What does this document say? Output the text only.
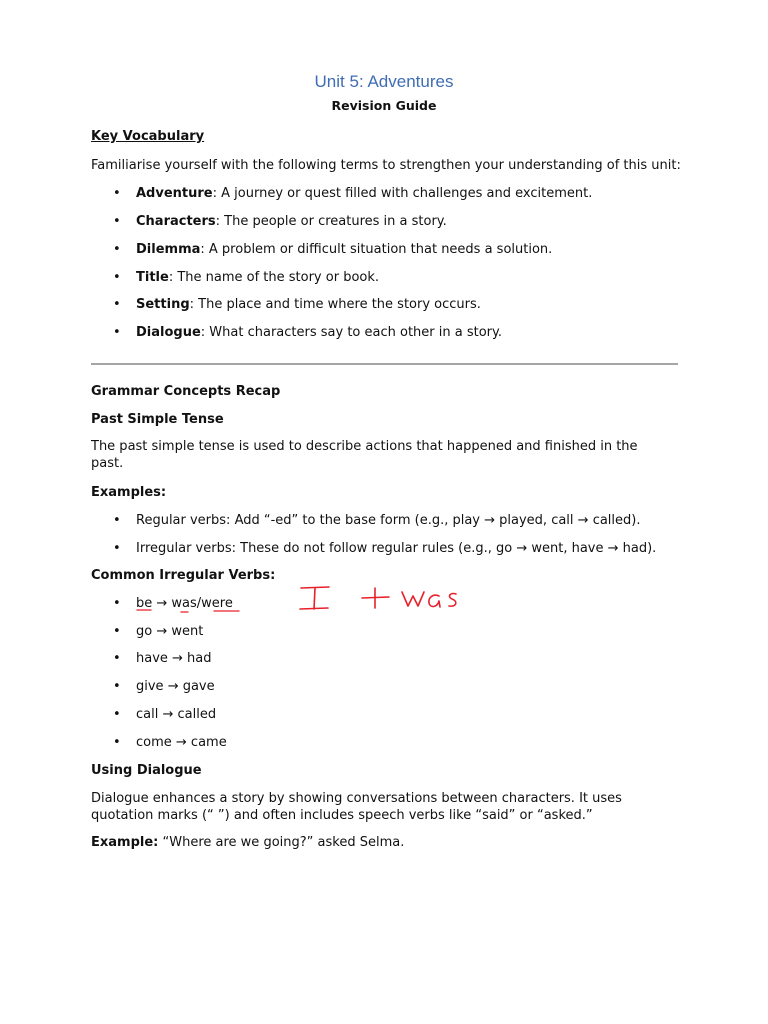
Unit 5: Adventures
Revision Guide
Key Vocabulary
Familiarise yourself with the following terms to strengthen your understanding of this unit:
• Adventure: A journey or quest filled with challenges and excitement.
• Characters: The people or creatures in a story.
• Dilemma: A problem or difficult situation that needs a solution.
• Title: The name of the story or book.
• Setting: The place and time where the story occurs.
• Dialogue: What characters say to each other in a story.
Grammar Concepts Recap
Past Simple Tense
The past simple tense is used to describe actions that happened and finished in the past.
Examples:
• Regular verbs: Add “-ed” to the base form (e.g., play → played, call → called).
• Irregular verbs: These do not follow regular rules (e.g., go → went, have → had).
Common Irregular Verbs:
• be → was/were
• go → went
• have → had
• give → gave
• call → called
• come → came
Using Dialogue
Dialogue enhances a story by showing conversations between characters. It uses quotation marks (“ ”) and often includes speech verbs like “said” or “asked.”
Example: “Where are we going?” asked Selma.
